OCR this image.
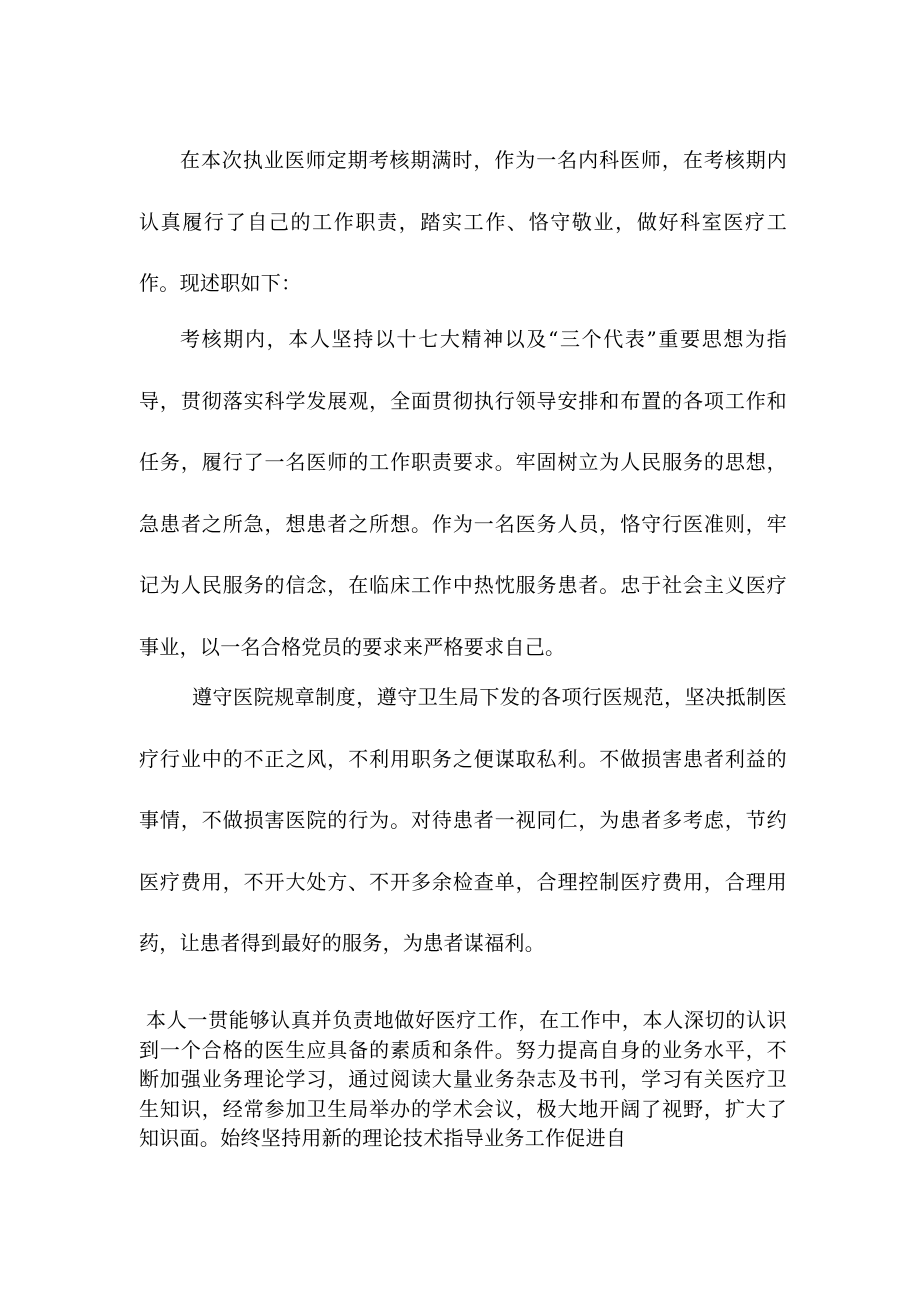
在本次执业医师定期考核期满时，作为一名内科医师，在考核期内认真履行了自己的工作职责，踏实工作、恪守敬业，做好科室医疗工作。现述职如下：

考核期内，本人坚持以十七大精神以及“三个代表”重要思想为指导，贯彻落实科学发展观，全面贯彻执行领导安排和布置的各项工作和任务，履行了一名医师的工作职责要求。牢固树立为人民服务的思想，急患者之所急，想患者之所想。作为一名医务人员，恪守行医准则，牢记为人民服务的信念，在临床工作中热忱服务患者。忠于社会主义医疗事业，以一名合格党员的要求来严格要求自己。

遵守医院规章制度，遵守卫生局下发的各项行医规范，坚决抵制医疗行业中的不正之风，不利用职务之便谋取私利。不做损害患者利益的事情，不做损害医院的行为。对待患者一视同仁，为患者多考虑，节约医疗费用，不开大处方、不开多余检查单，合理控制医疗费用，合理用药，让患者得到最好的服务，为患者谋福利。

本人一贯能够认真并负责地做好医疗工作，在工作中，本人深切的认识到一个合格的医生应具备的素质和条件。努力提高自身的业务水平，不断加强业务理论学习，通过阅读大量业务杂志及书刊，学习有关医疗卫生知识，经常参加卫生局举办的学术会议，极大地开阔了视野，扩大了知识面。始终坚持用新的理论技术指导业务工作促进自
